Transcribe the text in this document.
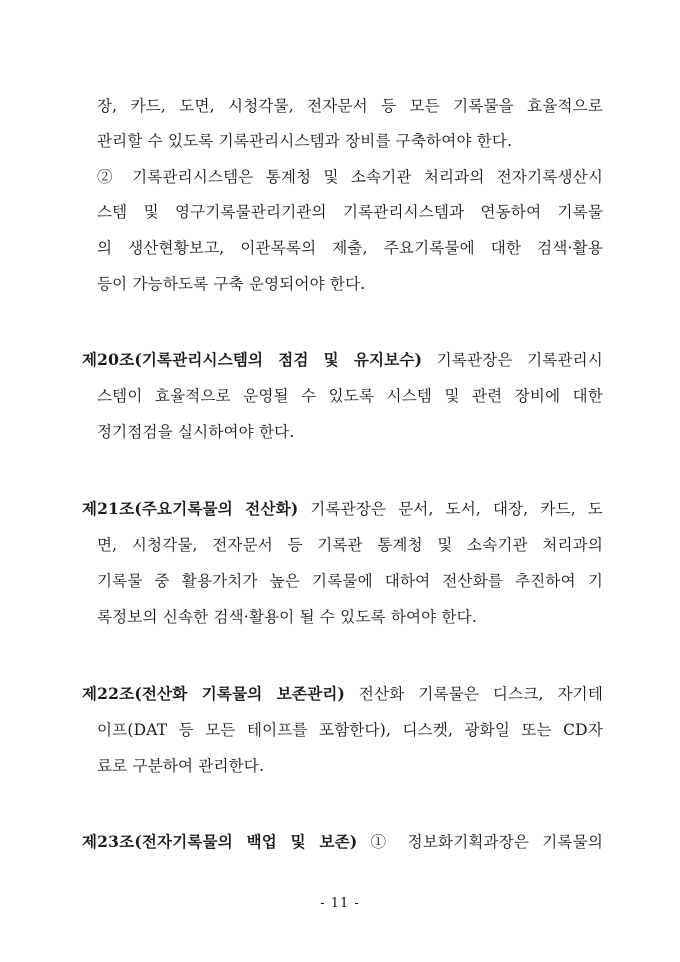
장, 카드, 도면, 시청각물, 전자문서 등 모든 기록물을 효율적으로
관리할 수 있도록 기록관리시스템과 장비를 구축하여야 한다.
② 기록관리시스템은 통계청 및 소속기관 처리과의 전자기록생산시
스템 및 영구기록물관리기관의 기록관리시스템과 연동하여 기록물
의 생산현황보고, 이관목록의 제출, 주요기록물에 대한 검색·활용
등이 가능하도록 구축 운영되어야 한다.
제20조(기록관리시스템의 점검 및 유지보수) 기록관장은 기록관리시
스템이 효율적으로 운영될 수 있도록 시스템 및 관련 장비에 대한
정기점검을 실시하여야 한다.
제21조(주요기록물의 전산화) 기록관장은 문서, 도서, 대장, 카드, 도
면, 시청각물, 전자문서 등 기록관 통계청 및 소속기관 처리과의
기록물 중 활용가치가 높은 기록물에 대하여 전산화를 추진하여 기
록정보의 신속한 검색·활용이 될 수 있도록 하여야 한다.
제22조(전산화 기록물의 보존관리) 전산화 기록물은 디스크, 자기테
이프(DAT 등 모든 테이프를 포함한다), 디스켓, 광화일 또는 CD자
료로 구분하여 관리한다.
제23조(전자기록물의 백업 및 보존) ① 정보화기획과장은 기록물의
- 11 -
